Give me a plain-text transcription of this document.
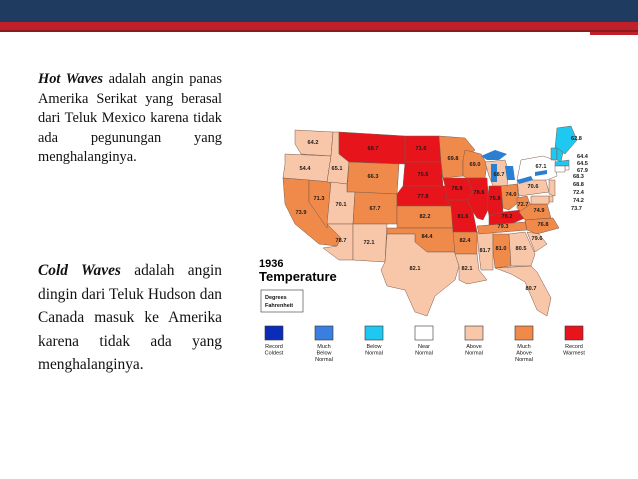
Hot Waves adalah angin panas Amerika Serikat yang berasal dari Teluk Mexico karena tidak ada pegunungan yang menghalanginya.
Cold Waves adalah angin dingin dari Teluk Hudson dan Canada masuk ke Amerika karena tidak ada yang menghalanginya.
64.2
54.4
73.9
71.3
65.1
68.7
66.3
70.1
67.7
78.7	72.1
71.6
75.6
77.8
82.2
84.4
82.1
69.8
78.9
81.6
82.4
82.1
69.0
78.6
81.7
68.7
75.9
78.2
79.3
81.0
74.0
80.5
80.7
72.7
74.9
76.8
79.6
70.6
67.1
62.8
64.4
64.5
67.9
68.3
68.8
72.4
74.2
73.7
1936
Temperature
Degrees
Fahrenheit
Record
Coldest
Much
Below
Normal
Below
Normal
Near
Normal
Above
Normal
Much
Above
Normal
Record
Warmest
